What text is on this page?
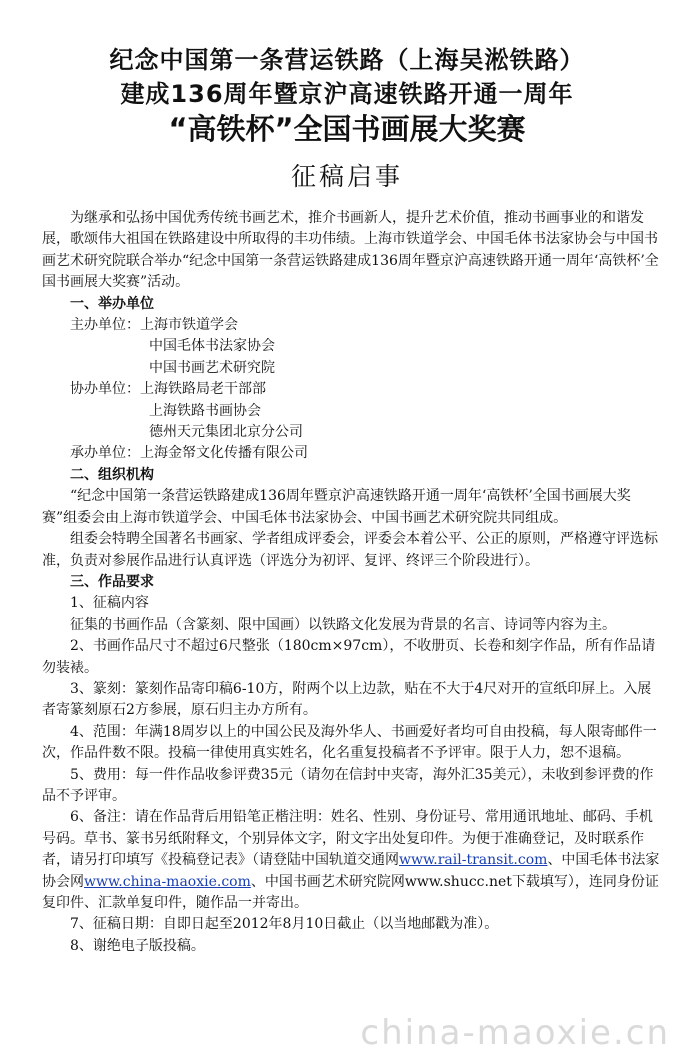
纪念中国第一条营运铁路（上海吴淞铁路）
建成136周年暨京沪高速铁路开通一周年
“高铁杯”全国书画展大奖赛
征稿启事

为继承和弘扬中国优秀传统书画艺术，推介书画新人，提升艺术价值，推动书画事业的和谐发展，歌颂伟大祖国在铁路建设中所取得的丰功伟绩。上海市铁道学会、中国毛体书法家协会与中国书画艺术研究院联合举办“纪念中国第一条营运铁路建成136周年暨京沪高速铁路开通一周年‘高铁杯’全国书画展大奖赛”活动。

一、举办单位

主办单位：上海市铁道学会

中国毛体书法家协会

中国书画艺术研究院

协办单位：上海铁路局老干部部

上海铁路书画协会

德州天元集团北京分公司

承办单位：上海金帑文化传播有限公司

二、组织机构

“纪念中国第一条营运铁路建成136周年暨京沪高速铁路开通一周年‘高铁杯’全国书画展大奖赛”组委会由上海市铁道学会、中国毛体书法家协会、中国书画艺术研究院共同组成。

组委会特聘全国著名书画家、学者组成评委会，评委会本着公平、公正的原则，严格遵守评选标准，负责对参展作品进行认真评选（评选分为初评、复评、终评三个阶段进行）。

三、作品要求

1、征稿内容

征集的书画作品（含篆刻、限中国画）以铁路文化发展为背景的名言、诗词等内容为主。

2、书画作品尺寸不超过6尺整张（180cm×97cm），不收册页、长卷和刻字作品，所有作品请勿装裱。

3、篆刻：篆刻作品寄印稿6-10方，附两个以上边款，贴在不大于4尺对开的宣纸印屏上。入展者寄篆刻原石2方参展，原石归主办方所有。

4、范围：年满18周岁以上的中国公民及海外华人、书画爱好者均可自由投稿，每人限寄邮件一次，作品件数不限。投稿一律使用真实姓名，化名重复投稿者不予评审。限于人力，恕不退稿。

5、费用：每一件作品收参评费35元（请勿在信封中夹寄，海外汇35美元），未收到参评费的作品不予评审。

6、备注：请在作品背后用铅笔正楷注明：姓名、性别、身份证号、常用通讯地址、邮码、手机号码。草书、篆书另纸附释文，个别异体文字，附文字出处复印件。为便于准确登记，及时联系作者，请另打印填写《投稿登记表》（请登陆中国轨道交通网www.rail-transit.com、中国毛体书法家协会网www.china-maoxie.com、中国书画艺术研究院网www.shucc.net下载填写），连同身份证复印件、汇款单复印件，随作品一并寄出。

7、征稿日期：自即日起至2012年8月10日截止（以当地邮戳为准）。

8、谢绝电子版投稿。

china-maoxie.cn
